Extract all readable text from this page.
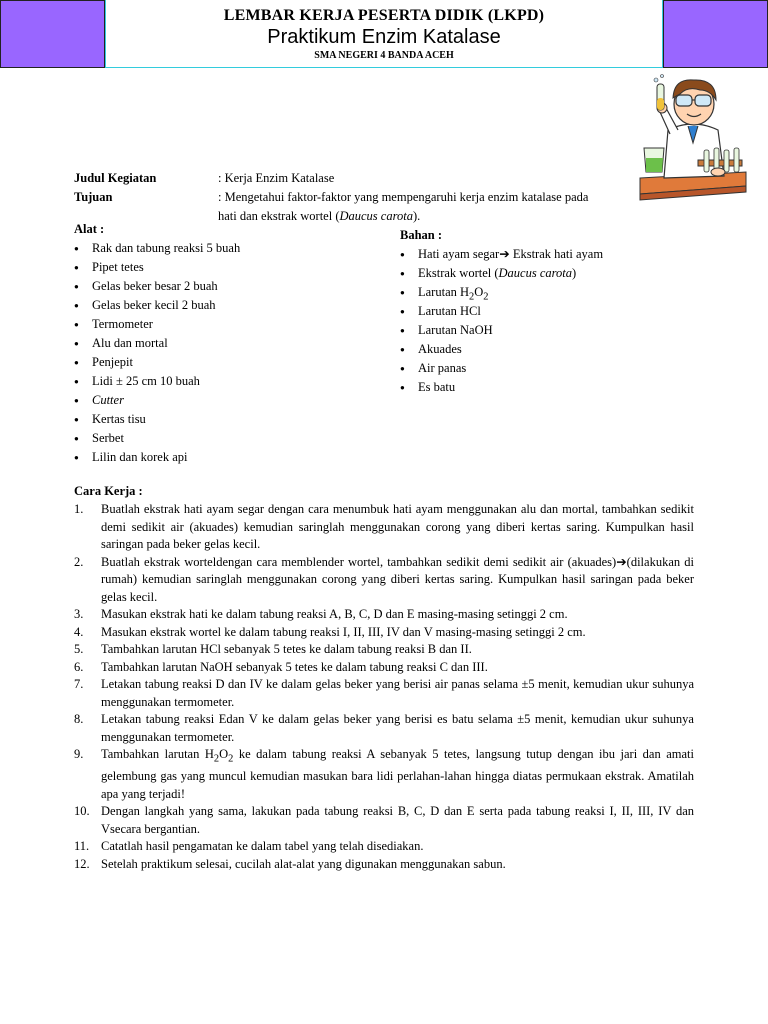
LEMBAR KERJA PESERTA DIDIK (LKPD)
Praktikum Enzim Katalase
SMA NEGERI 4 BANDA ACEH
Judul Kegiatan	: Kerja Enzim Katalase
Tujuan	: Mengetahui faktor-faktor yang mempengaruhi kerja enzim katalase pada
hati dan ekstrak wortel (Daucus carota).
Alat :
● Rak dan tabung reaksi 5 buah
● Pipet tetes
● Gelas beker besar 2 buah
● Gelas beker kecil 2 buah
● Termometer
● Alu dan mortal
● Penjepit
● Lidi ± 25 cm 10 buah
● Cutter
● Kertas tisu
● Serbet
● Lilin dan korek api
Bahan :
● Hati ayam segar➔ Ekstrak hati ayam
● Ekstrak wortel (Daucus carota)
● Larutan $H_2O_2$
● Larutan HCl
● Larutan NaOH
● Akuades
● Air panas
● Es batu
Cara Kerja :
1. Buatlah ekstrak hati ayam segar dengan cara menumbuk hati ayam menggunakan alu dan mortal, tambahkan sedikit demi sedikit air (akuades) kemudian saringlah menggunakan corong yang diberi kertas saring. Kumpulkan hasil saringan pada beker gelas kecil.
2. Buatlah ekstrak worteldengan cara memblender wortel, tambahkan sedikit demi sedikit air (akuades)➔(dilakukan di rumah) kemudian saringlah menggunakan corong yang diberi kertas saring. Kumpulkan hasil saringan pada beker gelas kecil.
3. Masukan ekstrak hati ke dalam tabung reaksi A, B, C, D dan E masing-masing setinggi 2 cm.
4. Masukan ekstrak wortel ke dalam tabung reaksi I, II, III, IV dan V masing-masing setinggi 2 cm.
5. Tambahkan larutan HCl sebanyak 5 tetes ke dalam tabung reaksi B dan II.
6. Tambahkan larutan NaOH sebanyak 5 tetes ke dalam tabung reaksi C dan III.
7. Letakan tabung reaksi D dan IV ke dalam gelas beker yang berisi air panas selama ±5 menit, kemudian ukur suhunya menggunakan termometer.
8. Letakan tabung reaksi Edan V ke dalam gelas beker yang berisi es batu selama ±5 menit, kemudian ukur suhunya menggunakan termometer.
9. Tambahkan larutan $H_2O_2$ ke dalam tabung reaksi A sebanyak 5 tetes, langsung tutup dengan ibu jari dan amati gelembung gas yang muncul kemudian masukan bara lidi perlahan-lahan hingga diatas permukaan ekstrak. Amatilah apa yang terjadi!
10. Dengan langkah yang sama, lakukan pada tabung reaksi B, C, D dan E serta pada tabung reaksi I, II, III, IV dan Vsecara bergantian.
11. Catatlah hasil pengamatan ke dalam tabel yang telah disediakan.
12. Setelah praktikum selesai, cucilah alat-alat yang digunakan menggunakan sabun.
